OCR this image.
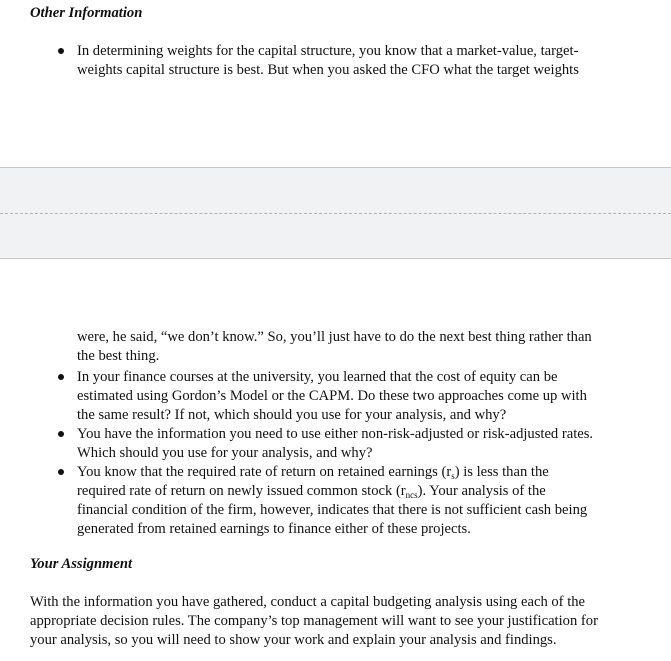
Other Information

In determining weights for the capital structure, you know that a market-value, target-

weights capital structure is best. But when you asked the CFO what the target weights

were, he said, “we don’t know.” So, you’ll just have to do the next best thing rather than

the best thing.

In your finance courses at the university, you learned that the cost of equity can be

estimated using Gordon’s Model or the CAPM. Do these two approaches come up with

the same result? If not, which should you use for your analysis, and why?

You have the information you need to use either non-risk-adjusted or risk-adjusted rates.

Which should you use for your analysis, and why?

You know that the required rate of return on retained earnings $(r_s)$ is less than the

required rate of return on newly issued common stock $(r_{ncs})$. Your analysis of the

financial condition of the firm, however, indicates that there is not sufficient cash being

generated from retained earnings to finance either of these projects.

Your Assignment

With the information you have gathered, conduct a capital budgeting analysis using each of the

appropriate decision rules. The company’s top management will want to see your justification for

your analysis, so you will need to show your work and explain your analysis and findings.
